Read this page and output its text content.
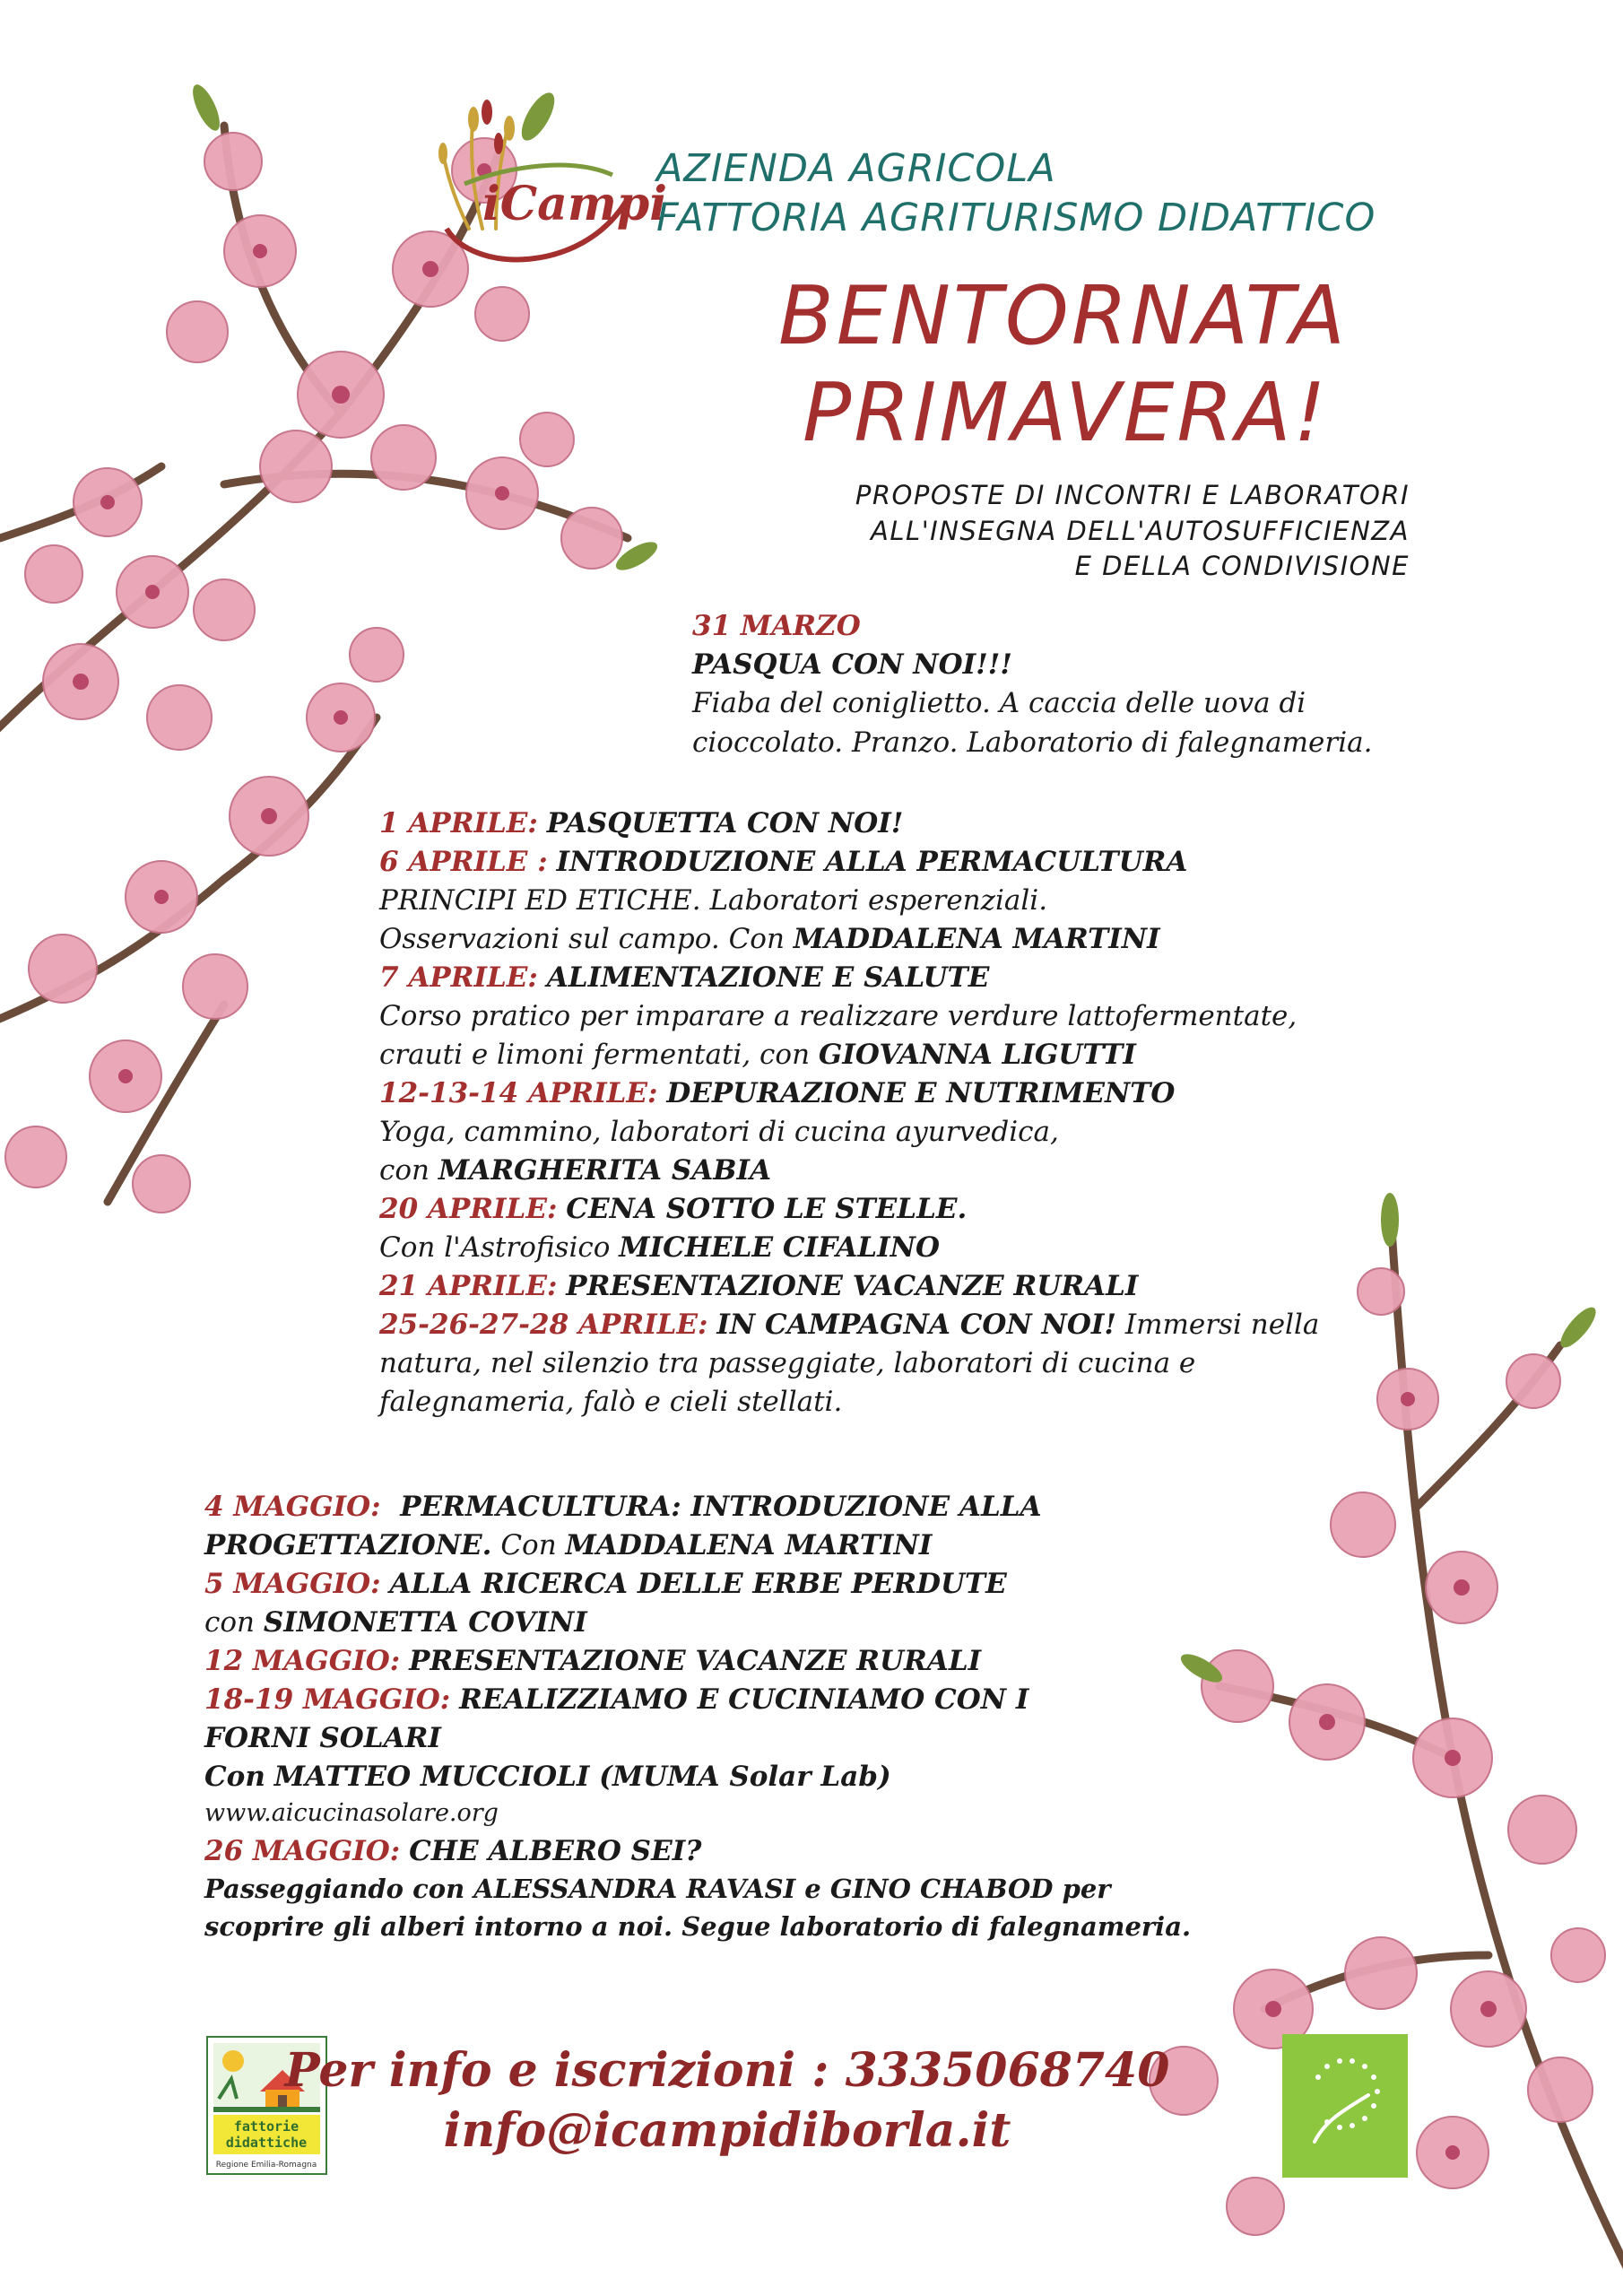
iCampi
AZIENDA AGRICOLA
FATTORIA AGRITURISMO DIDATTICO
BENTORNATA
PRIMAVERA!
PROPOSTE DI INCONTRI E LABORATORI
ALL'INSEGNA DELL'AUTOSUFFICIENZA
E DELLA CONDIVISIONE
31 MARZO
PASQUA CON NOI!!!
Fiaba del coniglietto. A caccia delle uova di
cioccolato. Pranzo. Laboratorio di falegnameria.
1 APRILE: PASQUETTA CON NOI!
6 APRILE : INTRODUZIONE ALLA PERMACULTURA
PRINCIPI ED ETICHE. Laboratori esperenziali.
Osservazioni sul campo. Con MADDALENA MARTINI
7 APRILE: ALIMENTAZIONE E SALUTE
Corso pratico per imparare a realizzare verdure lattofermentate,
crauti e limoni fermentati, con GIOVANNA LIGUTTI
12-13-14 APRILE: DEPURAZIONE E NUTRIMENTO
Yoga, cammino, laboratori di cucina ayurvedica,
con MARGHERITA SABIA
20 APRILE: CENA SOTTO LE STELLE.
Con l'Astrofisico MICHELE CIFALINO
21 APRILE: PRESENTAZIONE VACANZE RURALI
25-26-27-28 APRILE: IN CAMPAGNA CON NOI! Immersi nella
natura, nel silenzio tra passeggiate, laboratori di cucina e
falegnameria, falò e cieli stellati.
4 MAGGIO: PERMACULTURA: INTRODUZIONE ALLA
PROGETTAZIONE. Con MADDALENA MARTINI
5 MAGGIO: ALLA RICERCA DELLE ERBE PERDUTE
con SIMONETTA COVINI
12 MAGGIO: PRESENTAZIONE VACANZE RURALI
18-19 MAGGIO: REALIZZIAMO E CUCINIAMO CON I
FORNI SOLARI
Con MATTEO MUCCIOLI (MUMA Solar Lab)
www.aicucinasolare.org
26 MAGGIO: CHE ALBERO SEI?
Passeggiando con ALESSANDRA RAVASI e GINO CHABOD per
scoprire gli alberi intorno a noi. Segue laboratorio di falegnameria.
fattorie
didattiche
Regione Emilia-Romagna
Per info e iscrizioni : 3335068740
info@icampidiborla.it
